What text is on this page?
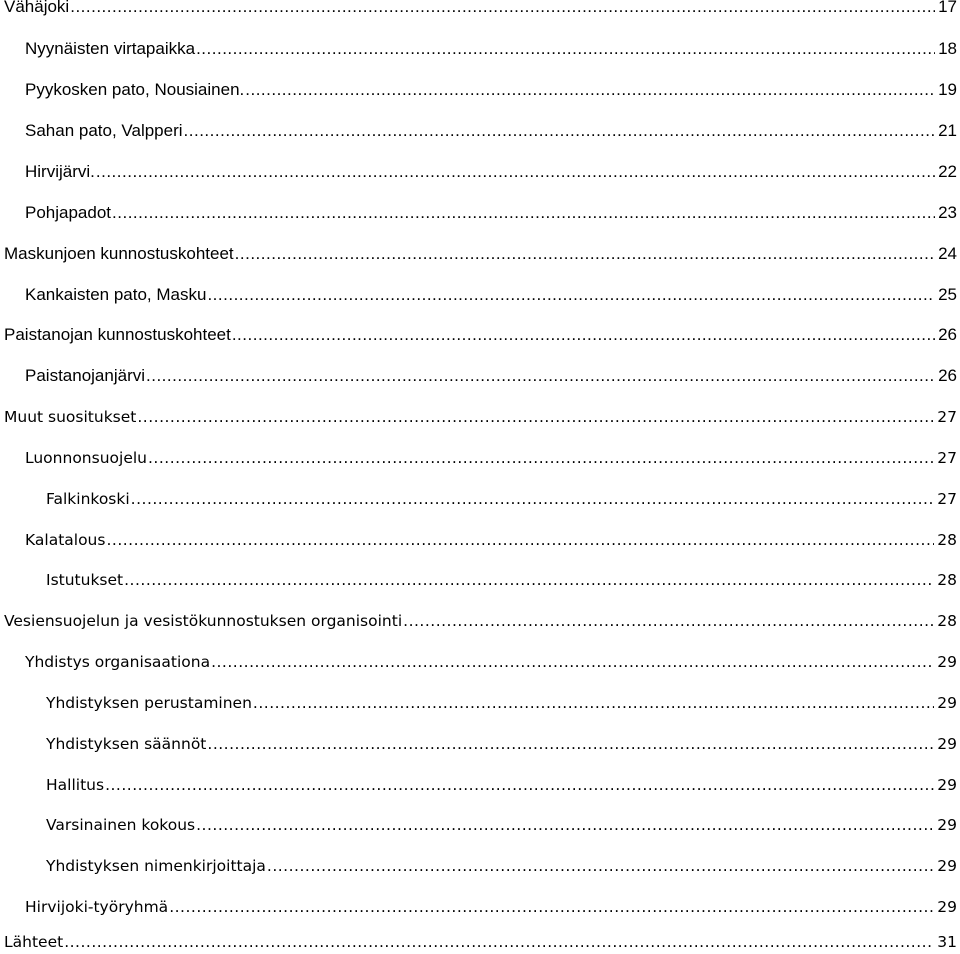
Vähäjoki .....	17
Nyynäisten virtapaikka .....	18
Pyykosken pato, Nousiainen. .....	19
Sahan pato, Valpperi .....	21
Hirvijärvi. .....	22
Pohjapadot .....	23
Maskunjoen kunnostuskohteet .....	24
Kankaisten pato, Masku .....	25
Paistanojan kunnostuskohteet .....	26
Paistanojanjärvi .....	26
Muut suositukset .....	27
Luonnonsuojelu .....	27
Falkinkoski .....	27
Kalatalous .....	28
Istutukset .....	28
Vesiensuojelun ja vesistökunnostuksen organisointi .....	28
Yhdistys organisaationa .....	29
Yhdistyksen perustaminen .....	29
Yhdistyksen säännöt .....	29
Hallitus .....	29
Varsinainen kokous .....	29
Yhdistyksen nimenkirjoittaja .....	29
Hirvijoki-työryhmä .....	29
Lähteet .....	31
